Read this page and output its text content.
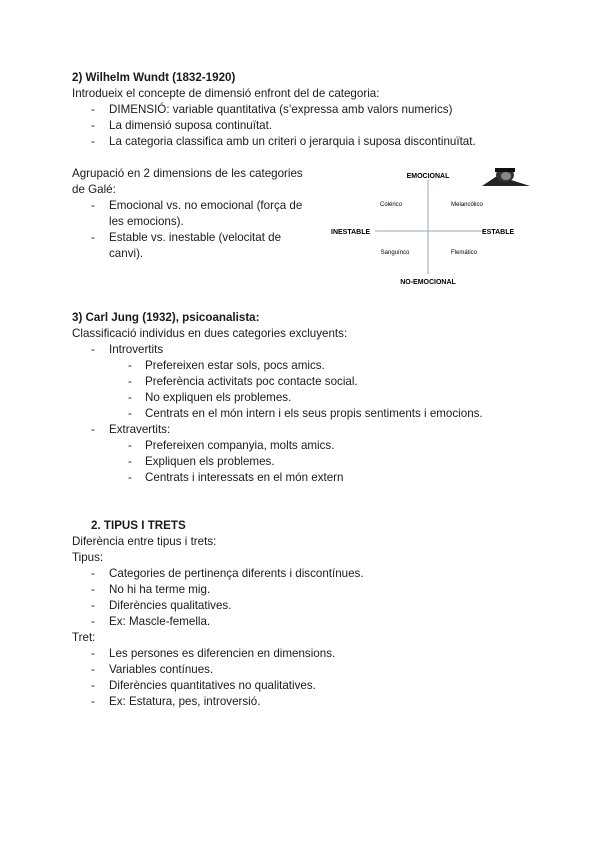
2) Wilhelm Wundt (1832-1920)
Introdueix el concepte de dimensió enfront del de categoria:
- DIMENSIÓ: variable quantitativa (s’expressa amb valors numerics)
- La dimensió suposa continuïtat.
- La categoria classifica amb un criteri o jerarquia i suposa discontinuïtat.
Agrupació en 2 dimensions de les categories
de Galé:
- Emocional vs. no emocional (força de
les emocions).
- Estable vs. inestable (velocitat de
canvi).
EMOCIONAL
NO-EMOCIONAL
INESTABLE	ESTABLE
Colérico	Melancólico
Sanguínco	Flemático
3) Carl Jung (1932), psicoanalista:
Classificació individus en dues categories excluyents:
- Introvertits
- Prefereixen estar sols, pocs amics.
- Preferència activitats poc contacte social.
- No expliquen els problemes.
- Centrats en el món intern i els seus propis sentiments i emocions.
- Extravertits:
- Prefereixen companyia, molts amics.
- Expliquen els problemes.
- Centrats i interessats en el món extern
2. TIPUS I TRETS
Diferència entre tipus i trets:
Tipus:
- Categories de pertinença diferents i discontínues.
- No hi ha terme mig.
- Diferències qualitatives.
- Ex: Mascle-femella.
Tret:
- Les persones es diferencien en dimensions.
- Variables contínues.
- Diferències quantitatives no qualitatives.
- Ex: Estatura, pes, introversió.
